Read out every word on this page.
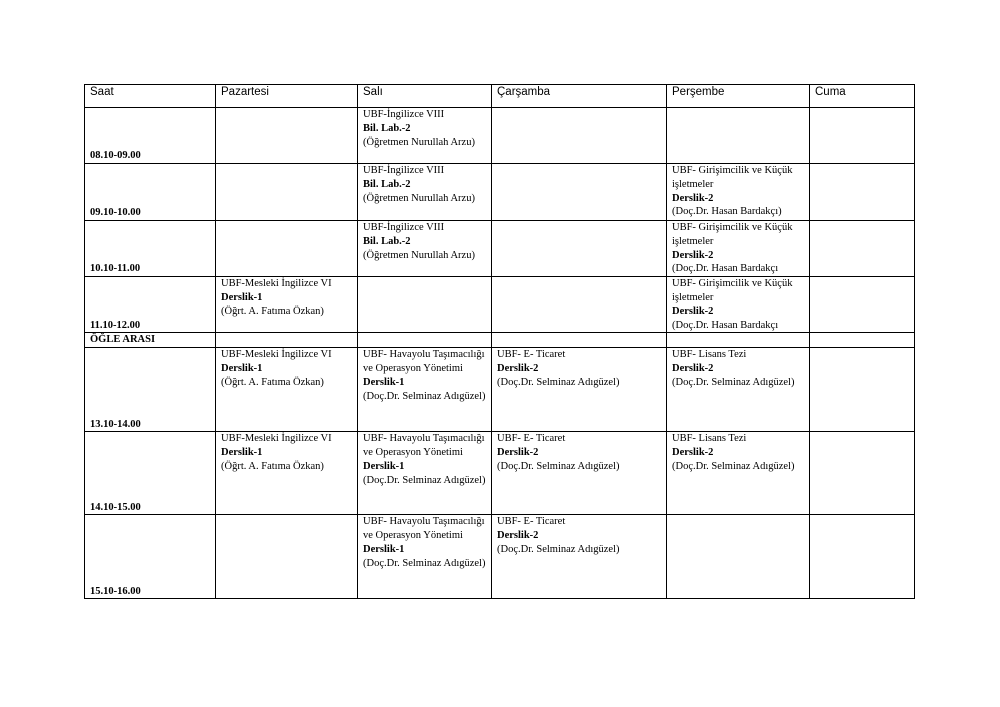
Saat	Pazartesi	Salı	Çarşamba	Perşembe	Cuma
08.10-09.00		UBF-İngilizce VIII
Bil. Lab.-2
(Öğretmen Nurullah Arzu)			

09.10-10.00		UBF-İngilizce VIII
Bil. Lab.-2
(Öğretmen Nurullah Arzu)		UBF- Girişimcilik ve Küçük işletmeler
Derslik-2
(Doç.Dr. Hasan Bardakçı)	

10.10-11.00		UBF-İngilizce VIII
Bil. Lab.-2
(Öğretmen Nurullah Arzu)		UBF- Girişimcilik ve Küçük işletmeler
Derslik-2
(Doç.Dr. Hasan Bardakçı	

11.10-12.00	UBF-Mesleki İngilizce VI
Derslik-1
(Öğrt. A. Fatıma Özkan)			UBF- Girişimcilik ve Küçük işletmeler
Derslik-2
(Doç.Dr. Hasan Bardakçı	

ÖĞLE ARASI					
13.10-14.00	UBF-Mesleki İngilizce VI
Derslik-1
(Öğrt. A. Fatıma Özkan)	UBF- Havayolu Taşımacılığı ve Operasyon Yönetimi
Derslik-1
(Doç.Dr. Selminaz Adıgüzel)	UBF- E- Ticaret
Derslik-2
(Doç.Dr. Selminaz Adıgüzel)	UBF- Lisans Tezi
Derslik-2
(Doç.Dr. Selminaz Adıgüzel)	

14.10-15.00	UBF-Mesleki İngilizce VI
Derslik-1
(Öğrt. A. Fatıma Özkan)	UBF- Havayolu Taşımacılığı ve Operasyon Yönetimi
Derslik-1
(Doç.Dr. Selminaz Adıgüzel)	UBF- E- Ticaret
Derslik-2
(Doç.Dr. Selminaz Adıgüzel)	UBF- Lisans Tezi
Derslik-2
(Doç.Dr. Selminaz Adıgüzel)	

15.10-16.00		UBF- Havayolu Taşımacılığı ve Operasyon Yönetimi
Derslik-1
(Doç.Dr. Selminaz Adıgüzel)	UBF- E- Ticaret
Derslik-2
(Doç.Dr. Selminaz Adıgüzel)		
